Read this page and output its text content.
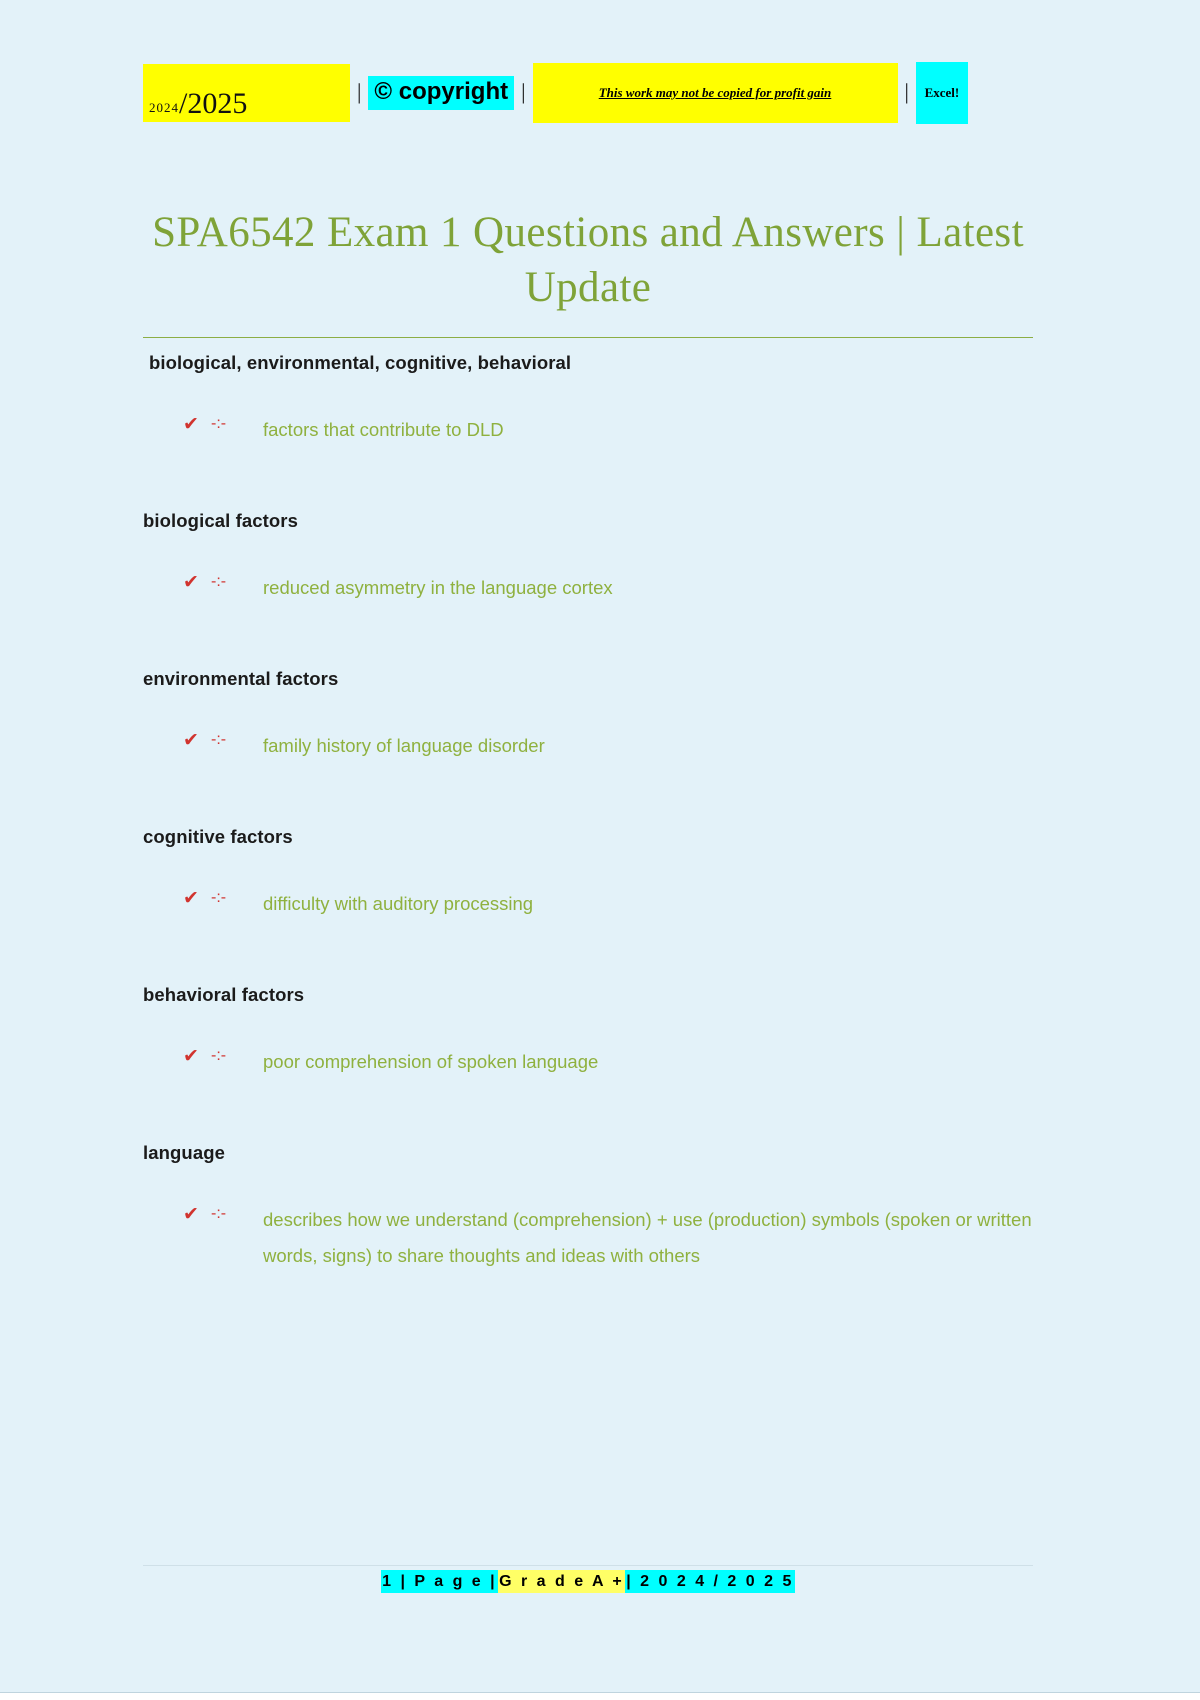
2024 /2025	| © copyright |	This work may not be copied for profit gain	|	Excel!
SPA6542 Exam 1 Questions and Answers | Latest Update

biological, environmental, cognitive, behavioral

✔ -:-	factors that contribute to DLD

biological factors

✔ -:-	reduced asymmetry in the language cortex

environmental factors

✔ -:-	family history of language disorder

cognitive factors

✔ -:-	difficulty with auditory processing

behavioral factors

✔ -:-	poor comprehension of spoken language

language

✔ -:-	describes how we understand (comprehension) + use (production) symbols (spoken or written words, signs) to share thoughts and ideas with others
1 | P a g e | G r a d e A + | 2 0 2 4 / 2 0 2 5
